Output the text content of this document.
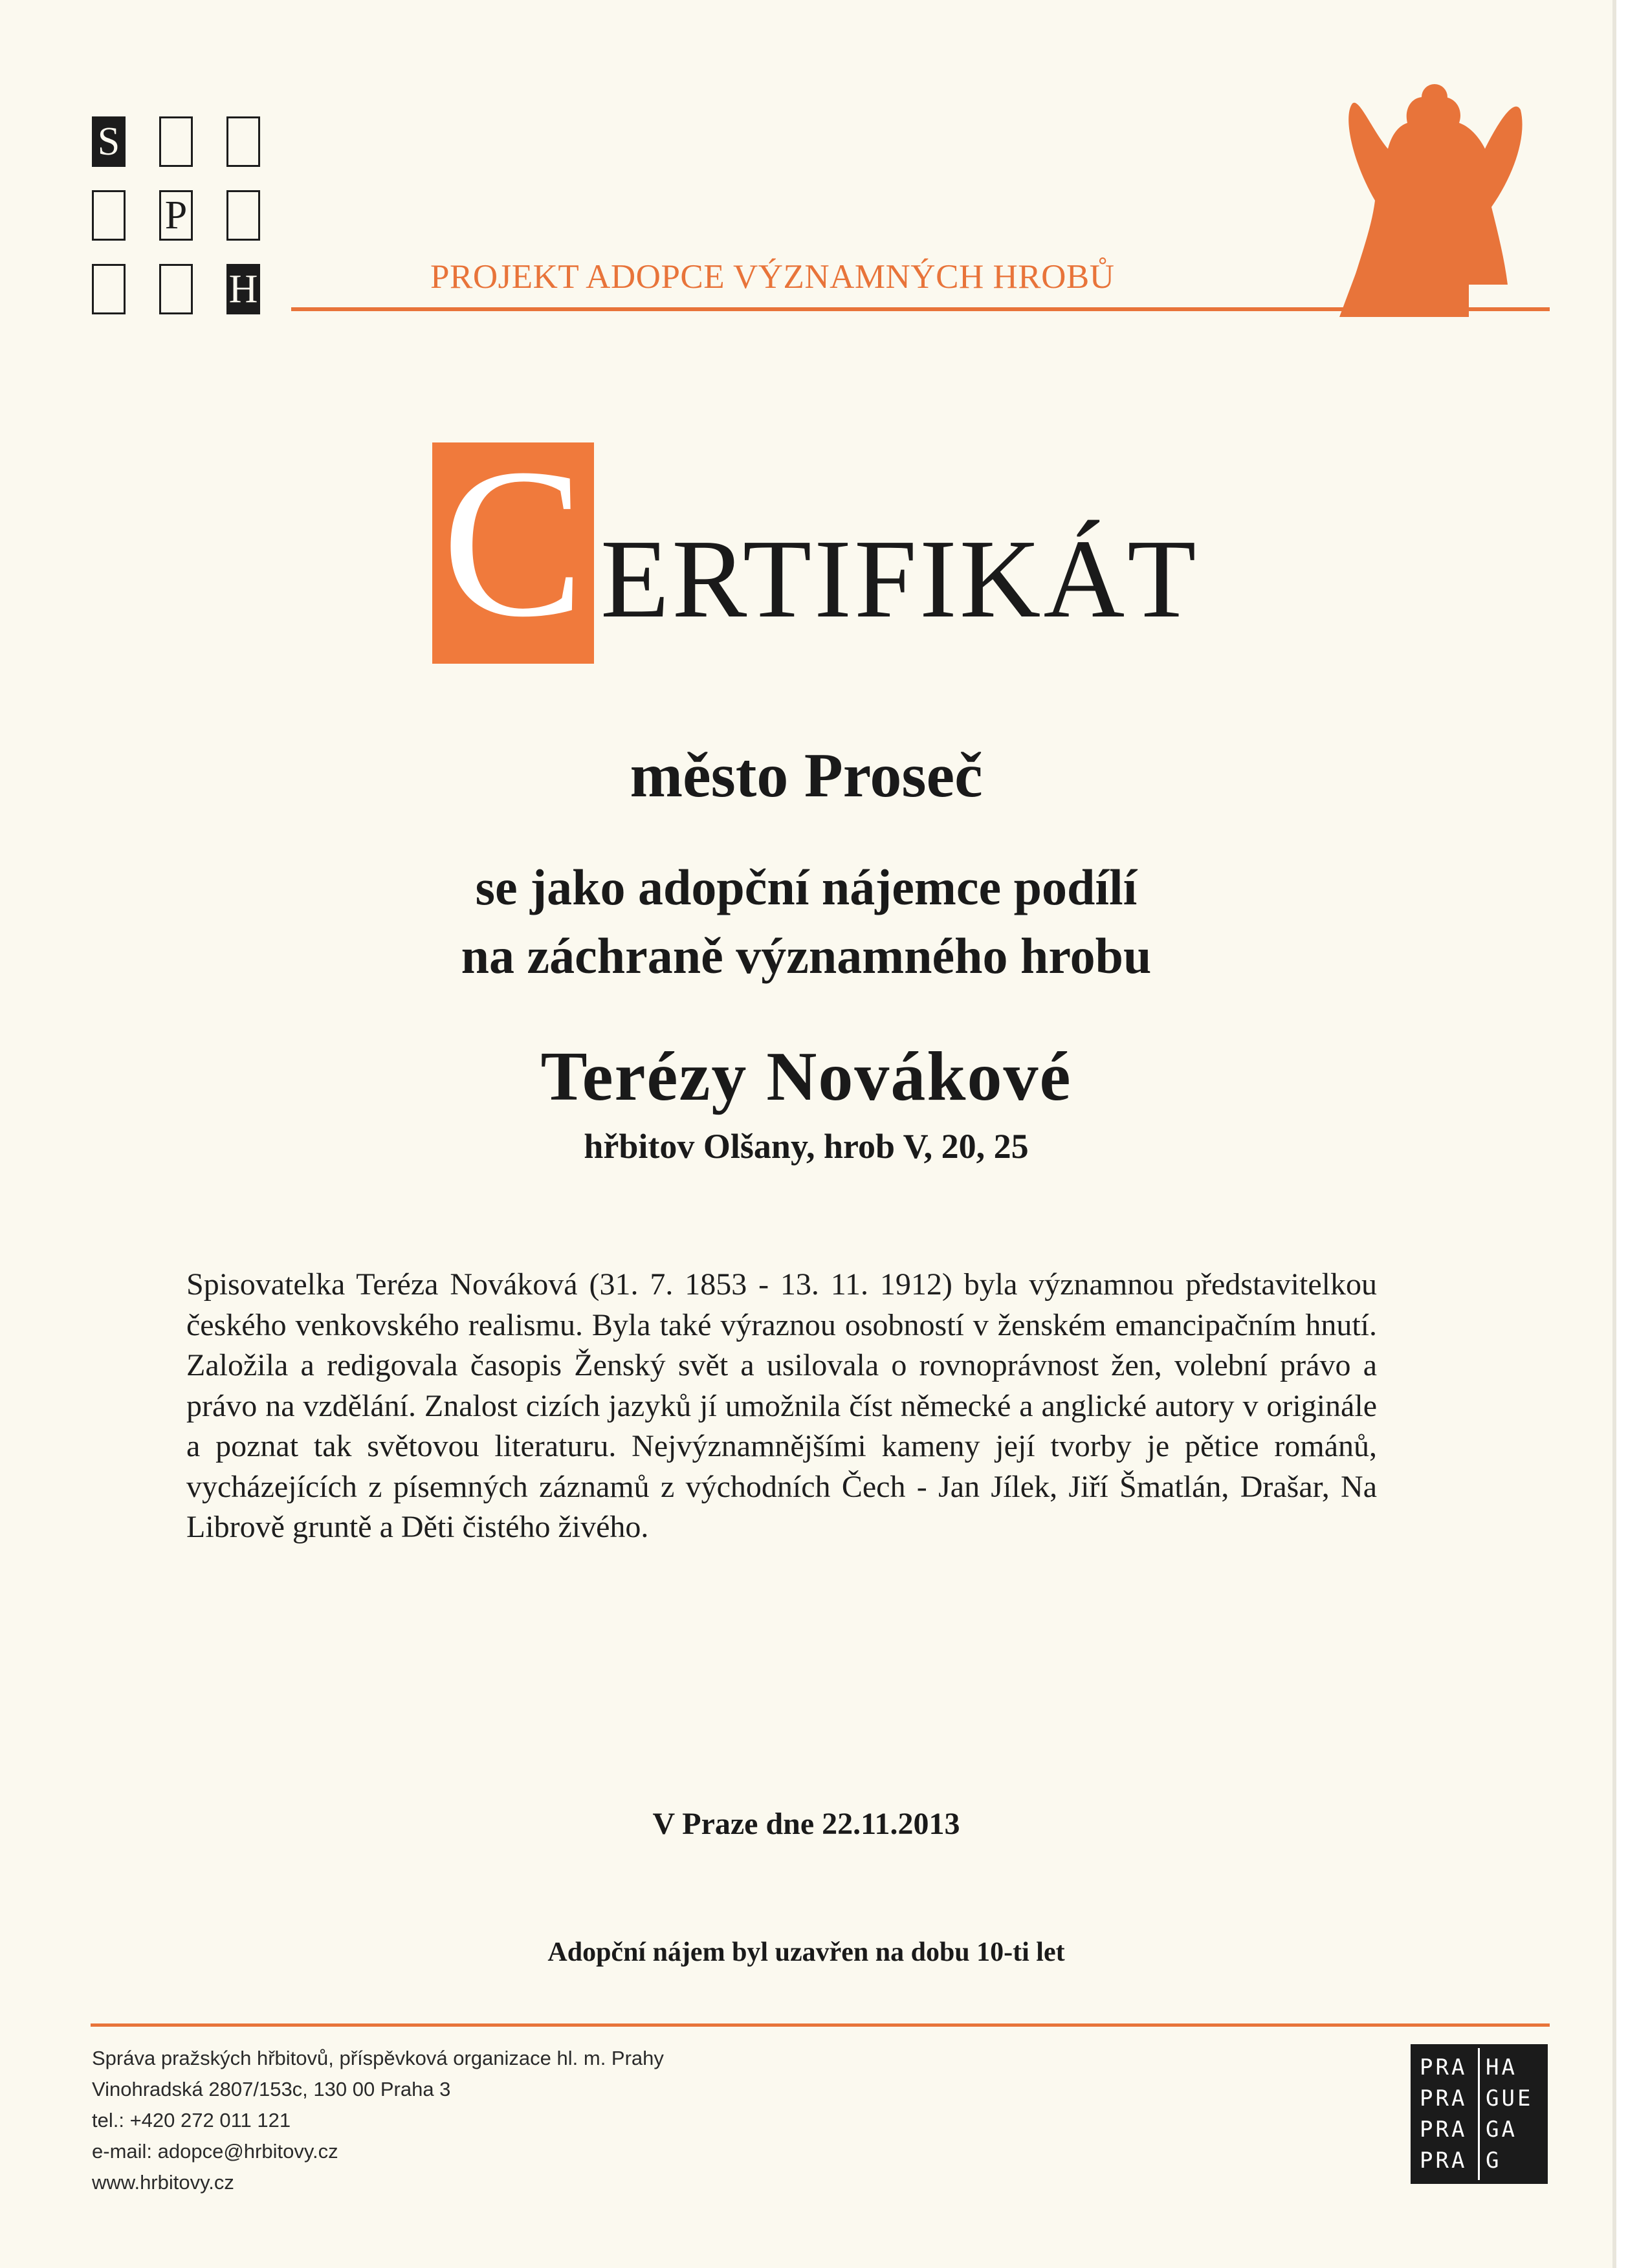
S
P
H	PROJEKT ADOPCE VÝZNAMNÝCH HROBŮ
C ERTIFIKÁT
město Proseč
se jako adopční nájemce podílí
na záchraně významného hrobu
Terézy Novákové
hřbitov Olšany, hrob V, 20, 25
Spisovatelka Teréza Nováková (31. 7. 1853 - 13. 11. 1912) byla významnou představitelkou českého venkovského realismu. Byla také výraznou osobností v ženském emancipačním hnutí. Založila a redigovala časopis Ženský svět a usilovala o rovnoprávnost žen, volební právo a právo na vzdělání. Znalost cizích jazyků jí umožnila číst německé a anglické autory v originále a poznat tak světovou literaturu. Nejvýznamnějšími kameny její tvorby je pětice románů, vycházejících z písemných záznamů z východních Čech - Jan Jílek, Jiří Šmatlán, Drašar, Na Librově gruntě a Děti čistého živého.
V Praze dne 22.11.2013
Adopční nájem byl uzavřen na dobu 10-ti let
Správa pražských hřbitovů, příspěvková organizace hl. m. Prahy
Vinohradská 2807/153c, 130 00 Praha 3
tel.: +420 272 011 121
e-mail: adopce@hrbitovy.cz
www.hrbitovy.cz
PRA
PRA
PRA
PRA
HA
GUE
GA
G
